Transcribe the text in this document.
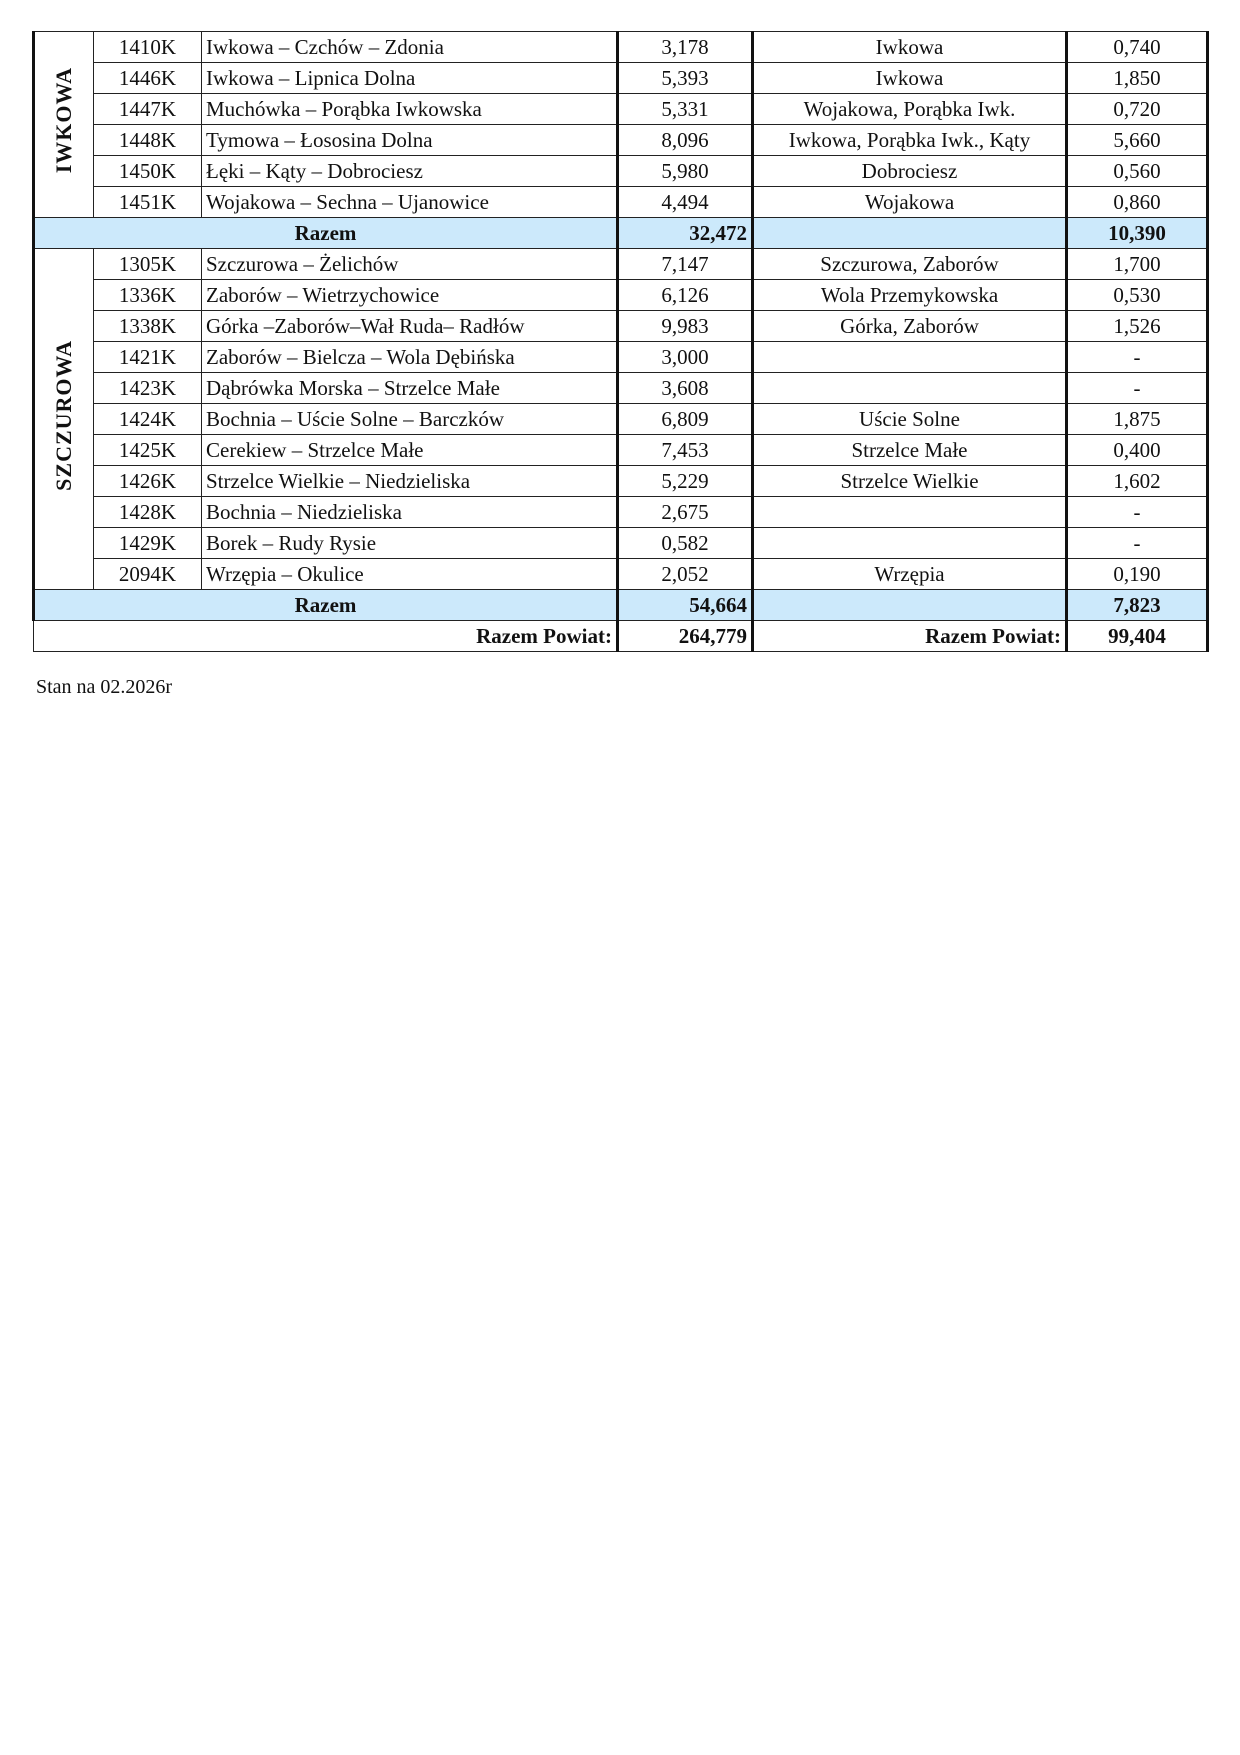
IWKOWA	1410K	Iwkowa – Czchów – Zdonia	3,178	Iwkowa	0,740
	1446K	Iwkowa – Lipnica Dolna	5,393	Iwkowa	1,850
	1447K	Muchówka – Porąbka Iwkowska	5,331	Wojakowa, Porąbka Iwk.	0,720
	1448K	Tymowa – Łososina Dolna	8,096	Iwkowa, Porąbka Iwk., Kąty	5,660
	1450K	Łęki – Kąty – Dobrociesz	5,980	Dobrociesz	0,560
	1451K	Wojakowa – Sechna – Ujanowice	4,494	Wojakowa	0,860
Razem			32,472		10,390
SZCZUROWA	1305K	Szczurowa – Żelichów	7,147	Szczurowa, Zaborów	1,700
	1336K	Zaborów – Wietrzychowice	6,126	Wola Przemykowska	0,530
	1338K	Górka –Zaborów–Wał Ruda– Radłów	9,983	Górka, Zaborów	1,526
	1421K	Zaborów – Bielcza – Wola Dębińska	3,000		-
	1423K	Dąbrówka Morska – Strzelce Małe	3,608		-
	1424K	Bochnia – Uście Solne – Barczków	6,809	Uście Solne	1,875
	1425K	Cerekiew – Strzelce Małe	7,453	Strzelce Małe	0,400
	1426K	Strzelce Wielkie – Niedzieliska	5,229	Strzelce Wielkie	1,602
	1428K	Bochnia – Niedzieliska	2,675		-
	1429K	Borek – Rudy Rysie	0,582		-
	2094K	Wrzępia – Okulice	2,052	Wrzępia	0,190
Razem			54,664		7,823
Razem Powiat:			264,779	Razem Powiat:	99,404
Stan na 02.2026r
